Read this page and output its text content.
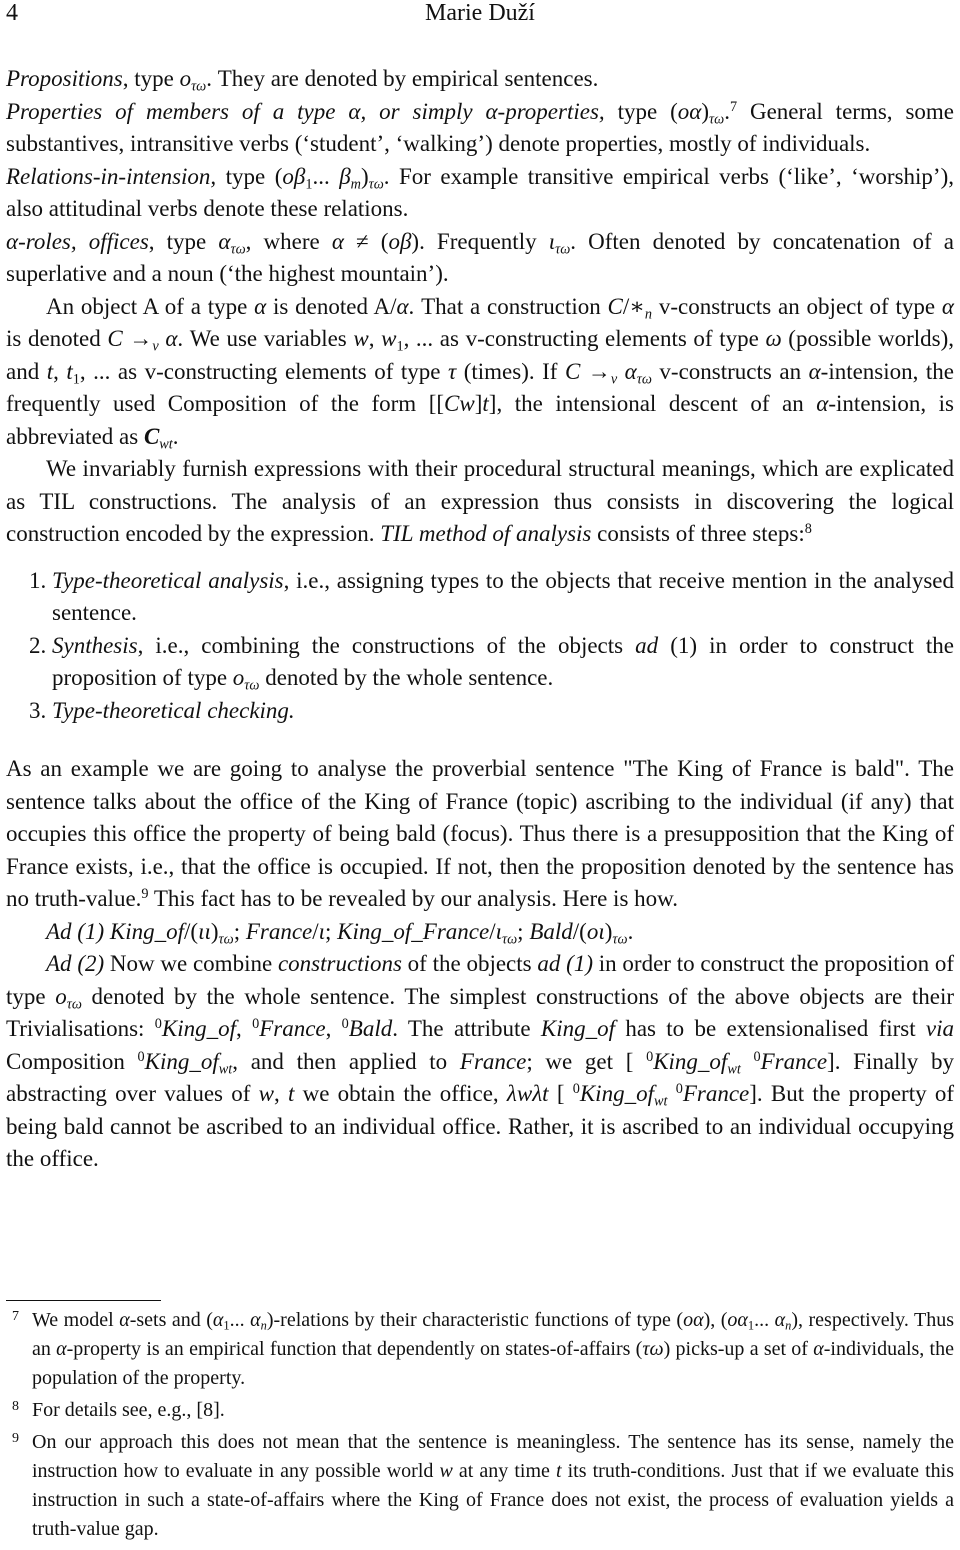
4	Marie Duží

Propositions, type $o_{\tau\omega}$. They are denoted by empirical sentences.

Properties of members of a type α, or simply α-properties, type $(o\alpha)_{\tau\omega}.^7$ General terms, some substantives, intransitive verbs (‘student’, ‘walking’) denote properties, mostly of individuals.

Relations-in-intension, type ($o\beta_1$... $\beta_m)_{\tau\omega}$. For example transitive empirical verbs (‘like’, ‘worship’), also attitudinal verbs denote these relations.

α-roles, offices, type $\alpha_{\tau\omega}$, where α ≠ (oβ). Frequently $\iota_{\tau\omega}$. Often denoted by concatenation of a superlative and a noun (‘the highest mountain’).

An object A of a type α is denoted A/α. That a construction $C/∗_n$ v-constructs an object of type α is denoted $C \to_v$ α. We use variables w, $w_1$, ... as v-constructing elements of type ω (possible worlds), and t, $t_1$, ... as v-constructing elements of type τ (times). If $C \to_v$ $\alpha_{\tau\omega}$ v-constructs an α-intension, the frequently used Composition of the form [[Cw]t], the intensional descent of an α-intension, is abbreviated as $C_{wt}$.

We invariably furnish expressions with their procedural structural meanings, which are explicated as TIL constructions. The analysis of an expression thus consists in discovering the logical construction encoded by the expression. TIL method of analysis consists of three steps:$^8$

1. Type-theoretical analysis, i.e., assigning types to the objects that receive mention in the analysed sentence.
2. Synthesis, i.e., combining the constructions of the objects ad (1) in order to construct the proposition of type $o_{\tau\omega}$ denoted by the whole sentence.
3. Type-theoretical checking.

As an example we are going to analyse the proverbial sentence "The King of France is bald". The sentence talks about the office of the King of France (topic) ascribing to the individual (if any) that occupies this office the property of being bald (focus). Thus there is a presupposition that the King of France exists, i.e., that the office is occupied. If not, then the proposition denoted by the sentence has no truth-value.$^9$ This fact has to be revealed by our analysis. Here is how.

Ad (1) $King\_of/(\iota\iota)_{\tau\omega}$; France/ι; $King\_of\_France/\iota_{\tau\omega}$; Bald/$(o\iota)_{\tau\omega}$.

Ad (2) Now we combine constructions of the objects ad (1) in order to construct the proposition of type $o_{\tau\omega}$ denoted by the whole sentence. The simplest constructions of the above objects are their Trivialisations: $^0$King_of, $^0$France, $^0$Bald. The attribute King_of has to be extensionalised first via Composition $^0King\_of_{wt}$, and then applied to France; we get [ $^0King\_of_{wt}$ $^0$France]. Finally by abstracting over values of w, t we obtain the office, λwλt [ $^0King\_of_{wt}$ $^0$France]. But the property of being bald cannot be ascribed to an individual office. Rather, it is ascribed to an individual occupying the office.

7 We model α-sets and ($\alpha_1$... $\alpha_n$)-relations by their characteristic functions of type (oα), ($o\alpha_1$... $\alpha_n$), respectively. Thus an α-property is an empirical function that dependently on states-of-affairs (τω) picks-up a set of α-individuals, the population of the property.
8 For details see, e.g., [8].
9 On our approach this does not mean that the sentence is meaningless. The sentence has its sense, namely the instruction how to evaluate in any possible world w at any time t its truth-conditions. Just that if we evaluate this instruction in such a state-of-affairs where the King of France does not exist, the process of evaluation yields a truth-value gap.
